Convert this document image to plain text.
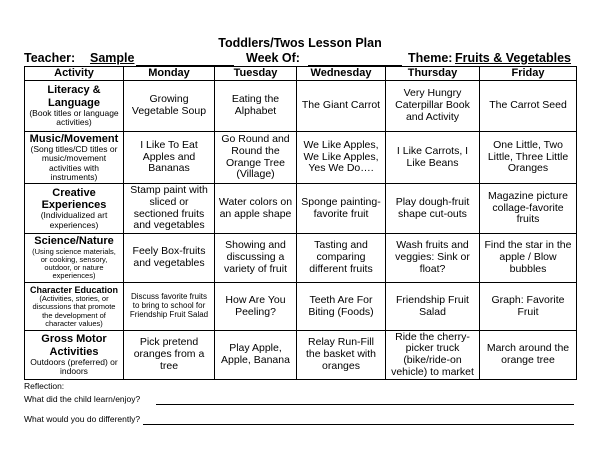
Toddlers/Twos Lesson Plan
Teacher: Sample	Week Of:	Theme: Fruits & Vegetables
Activity	Monday	Tuesday	Wednesday	Thursday	Friday

Literacy & Language
(Book titles or language activities)	Growing Vegetable Soup	Eating the Alphabet	The Giant Carrot	Very Hungry Caterpillar Book and Activity	The Carrot Seed

Music/Movement
(Song titles/CD titles or music/movement activities with instruments)	I Like To Eat Apples and Bananas	Go Round and Round the Orange Tree (Village)	We Like Apples, We Like Apples, Yes We Do….	I Like Carrots, I Like Beans	One Little, Two Little, Three Little Oranges

Creative Experiences
(Individualized art experiences)	Stamp paint with sliced or sectioned fruits and vegetables	Water colors on an apple shape	Sponge painting-favorite fruit	Play dough-fruit shape cut-outs	Magazine picture collage-favorite fruits

Science/Nature
(Using science materials, or cooking, sensory, outdoor, or nature experiences)	Feely Box-fruits and vegetables	Showing and discussing a variety of fruit	Tasting and comparing different fruits	Wash fruits and veggies: Sink or float?	Find the star in the apple / Blow bubbles

Character Education
(Activities, stories, or discussions that promote the development of character values)	Discuss favorite fruits to bring to school for Friendship Fruit Salad	How Are You Peeling?	Teeth Are For Biting (Foods)	Friendship Fruit Salad	Graph: Favorite Fruit

Gross Motor Activities
Outdoors (preferred) or indoors	Pick pretend oranges from a tree	Play Apple, Apple, Banana	Relay Run-Fill the basket with oranges	Ride the cherry-picker truck (bike/ride-on vehicle) to market	March around the orange tree
Reflection:
What did the child learn/enjoy?
What would you do differently?
